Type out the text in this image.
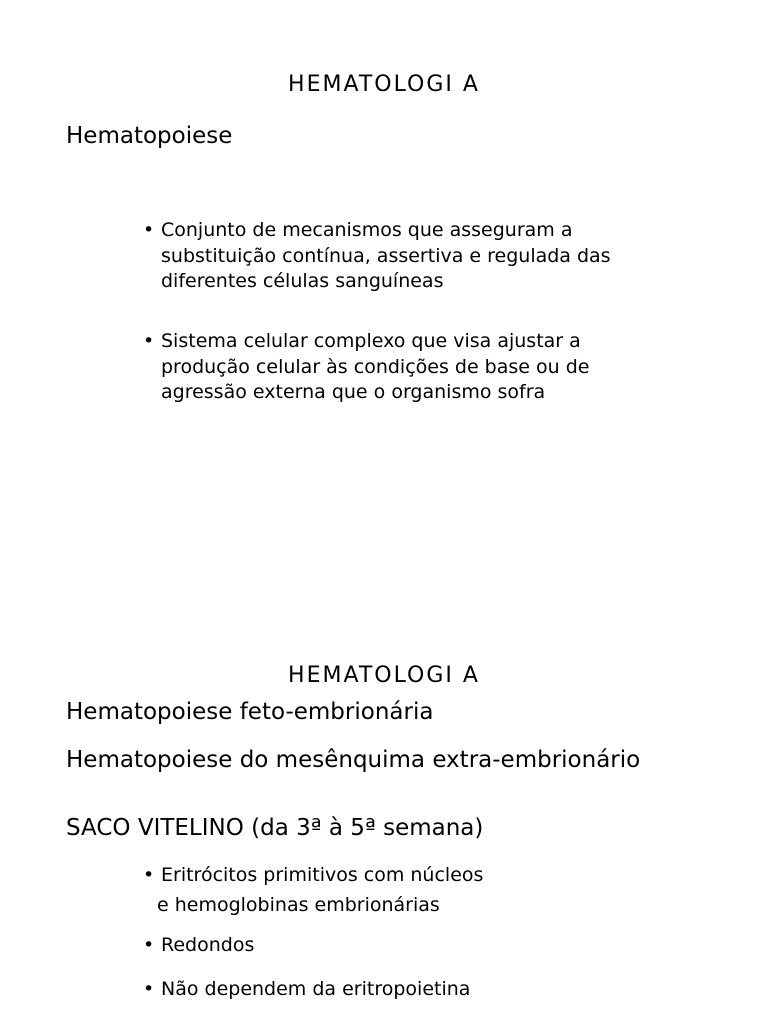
HEMATOLOGI A
Hematopoiese
• Conjunto de mecanismos que asseguram a
substituição contínua, assertiva e regulada das
diferentes células sanguíneas
• Sistema celular complexo que visa ajustar a
produção celular às condições de base ou de
agressão externa que o organismo sofra
HEMATOLOGI A
Hematopoiese feto-embrionária
Hematopoiese do mesênquima extra-embrionário
SACO VITELINO (da 3ª à 5ª semana)
• Eritrócitos primitivos com núcleos
e hemoglobinas embrionárias
• Redondos
• Não dependem da eritropoietina
